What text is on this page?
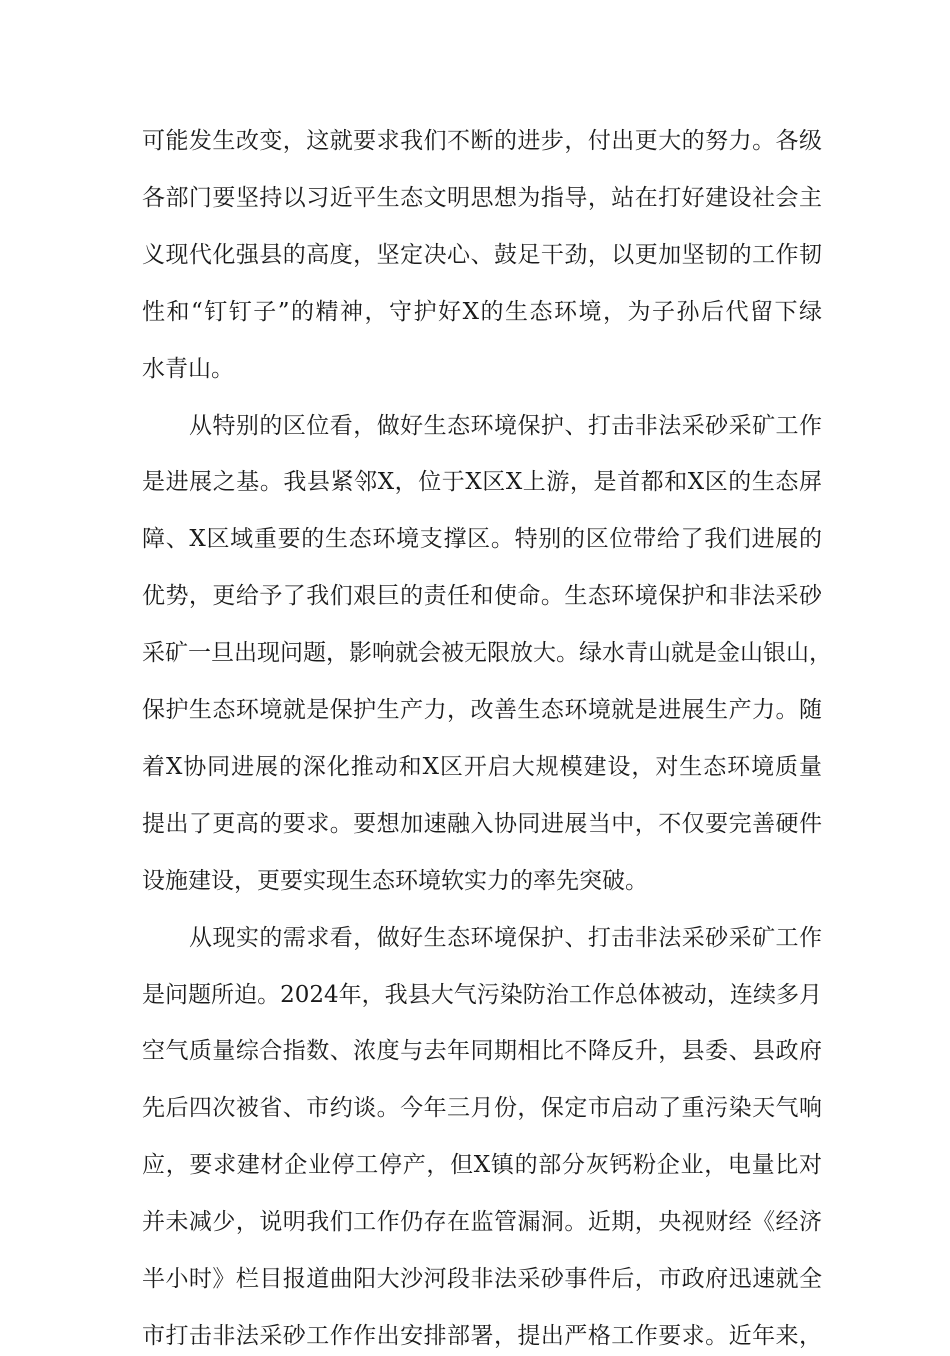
可能发生改变，这就要求我们不断的进步，付出更大的努力。各级
各部门要坚持以习近平生态文明思想为指导，站在打好建设社会主
义现代化强县的高度，坚定决心、鼓足干劲，以更加坚韧的工作韧
性和“钉钉子”的精神，守护好X的生态环境，为子孙后代留下绿
水青山。
从特别的区位看，做好生态环境保护、打击非法采砂采矿工作
是进展之基。我县紧邻X，位于X区X上游，是首都和X区的生态屏
障、X区域重要的生态环境支撑区。特别的区位带给了我们进展的
优势，更给予了我们艰巨的责任和使命。生态环境保护和非法采砂
采矿一旦出现问题，影响就会被无限放大。绿水青山就是金山银山，
保护生态环境就是保护生产力，改善生态环境就是进展生产力。随
着X协同进展的深化推动和X区开启大规模建设，对生态环境质量
提出了更高的要求。要想加速融入协同进展当中，不仅要完善硬件
设施建设，更要实现生态环境软实力的率先突破。
从现实的需求看，做好生态环境保护、打击非法采砂采矿工作
是问题所迫。2024年，我县大气污染防治工作总体被动，连续多月
空气质量综合指数、浓度与去年同期相比不降反升，县委、县政府
先后四次被省、市约谈。今年三月份，保定市启动了重污染天气响
应，要求建材企业停工停产，但X镇的部分灰钙粉企业，电量比对
并未减少，说明我们工作仍存在监管漏洞。近期，央视财经《经济
半小时》栏目报道曲阳大沙河段非法采砂事件后，市政府迅速就全
市打击非法采砂工作作出安排部署，提出严格工作要求。近年来，
